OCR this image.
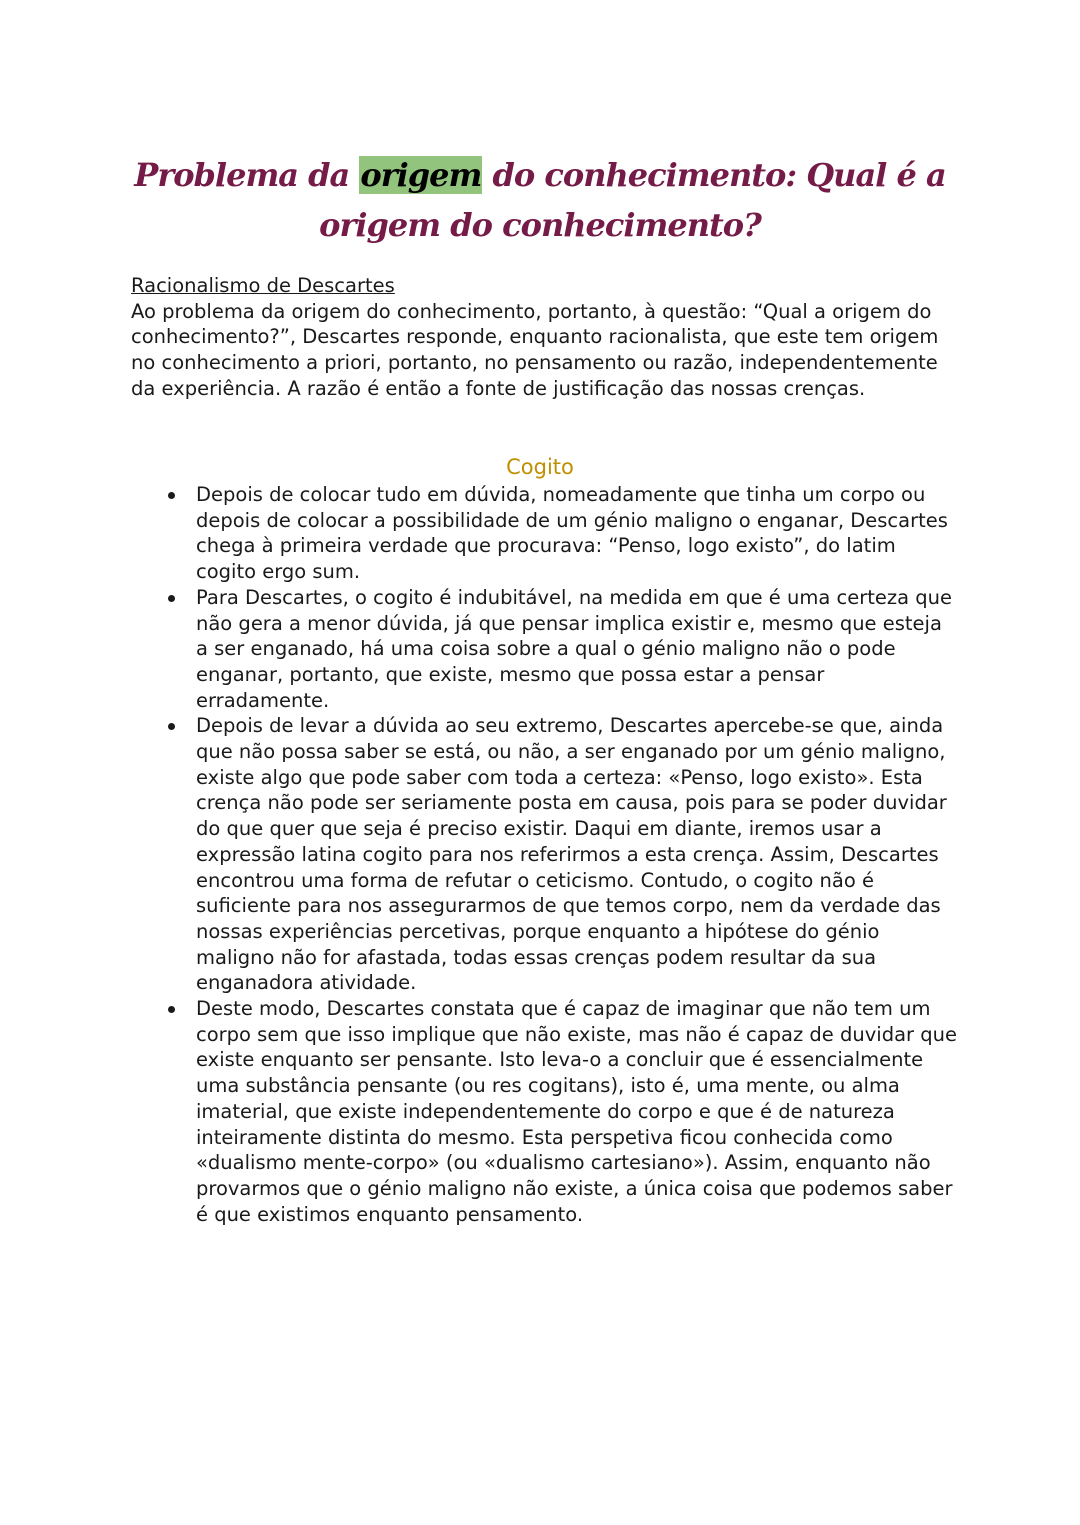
Problema da origem do conhecimento: Qual é a origem do conhecimento?
Racionalismo de Descartes
Ao problema da origem do conhecimento, portanto, à questão: “Qual a origem do conhecimento?”, Descartes responde, enquanto racionalista, que este tem origem no conhecimento a priori, portanto, no pensamento ou razão, independentemente da experiência. A razão é então a fonte de justificação das nossas crenças.
Cogito
Depois de colocar tudo em dúvida, nomeadamente que tinha um corpo ou depois de colocar a possibilidade de um génio maligno o enganar, Descartes chega à primeira verdade que procurava: “Penso, logo existo”, do latim cogito ergo sum.
Para Descartes, o cogito é indubitável, na medida em que é uma certeza que não gera a menor dúvida, já que pensar implica existir e, mesmo que esteja a ser enganado, há uma coisa sobre a qual o génio maligno não o pode enganar, portanto, que existe, mesmo que possa estar a pensar erradamente.
Depois de levar a dúvida ao seu extremo, Descartes apercebe-se que, ainda que não possa saber se está, ou não, a ser enganado por um génio maligno, existe algo que pode saber com toda a certeza: «Penso, logo existo». Esta crença não pode ser seriamente posta em causa, pois para se poder duvidar do que quer que seja é preciso existir. Daqui em diante, iremos usar a expressão latina cogito para nos referirmos a esta crença. Assim, Descartes encontrou uma forma de refutar o ceticismo. Contudo, o cogito não é suficiente para nos assegurarmos de que temos corpo, nem da verdade das nossas experiências percetivas, porque enquanto a hipótese do génio maligno não for afastada, todas essas crenças podem resultar da sua enganadora atividade.
Deste modo, Descartes constata que é capaz de imaginar que não tem um corpo sem que isso implique que não existe, mas não é capaz de duvidar que existe enquanto ser pensante. Isto leva-o a concluir que é essencialmente uma substância pensante (ou res cogitans), isto é, uma mente, ou alma imaterial, que existe independentemente do corpo e que é de natureza inteiramente distinta do mesmo. Esta perspetiva ficou conhecida como «dualismo mente-corpo» (ou «dualismo cartesiano»). Assim, enquanto não provarmos que o génio maligno não existe, a única coisa que podemos saber é que existimos enquanto pensamento.
